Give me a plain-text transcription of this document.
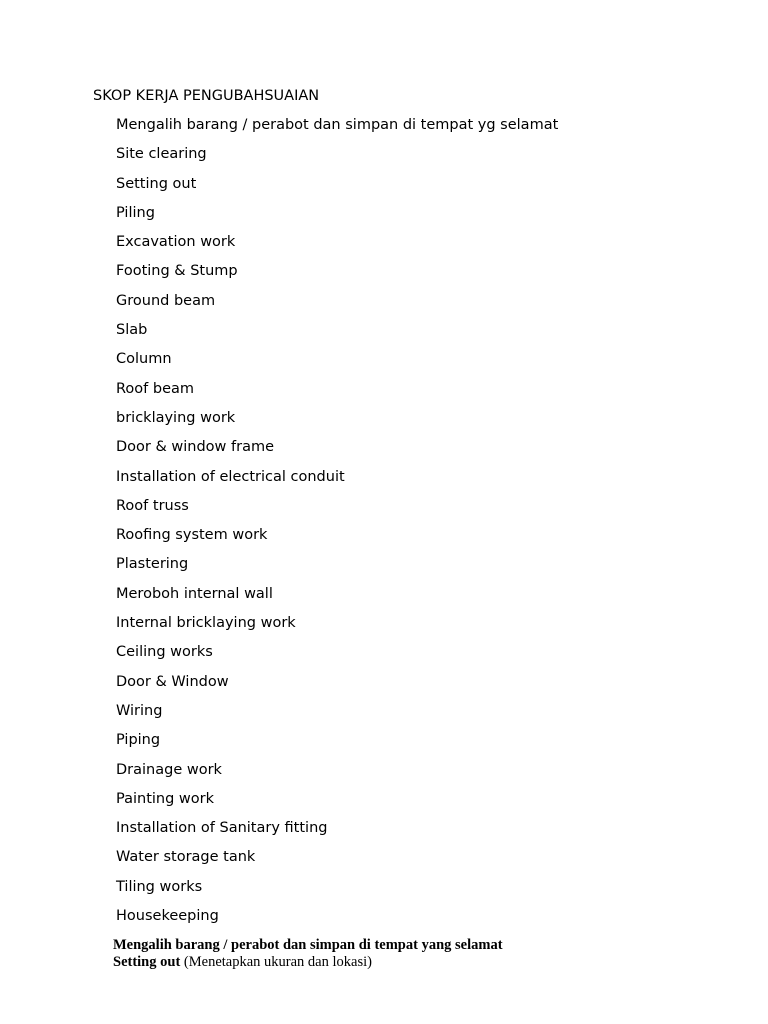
SKOP KERJA PENGUBAHSUAIAN
Mengalih barang / perabot dan simpan di tempat yg selamat
Site clearing
Setting out
Piling
Excavation work
Footing & Stump
Ground beam
Slab
Column
Roof beam
bricklaying work
Door & window frame
Installation of electrical conduit
Roof truss
Roofing system work
Plastering
Meroboh internal wall
Internal bricklaying work
Ceiling works
Door & Window
Wiring
Piping
Drainage work
Painting work
Installation of Sanitary fitting
Water storage tank
Tiling works
Housekeeping
Mengalih barang / perabot dan simpan di tempat yang selamat
Setting out (Menetapkan ukuran dan lokasi)
